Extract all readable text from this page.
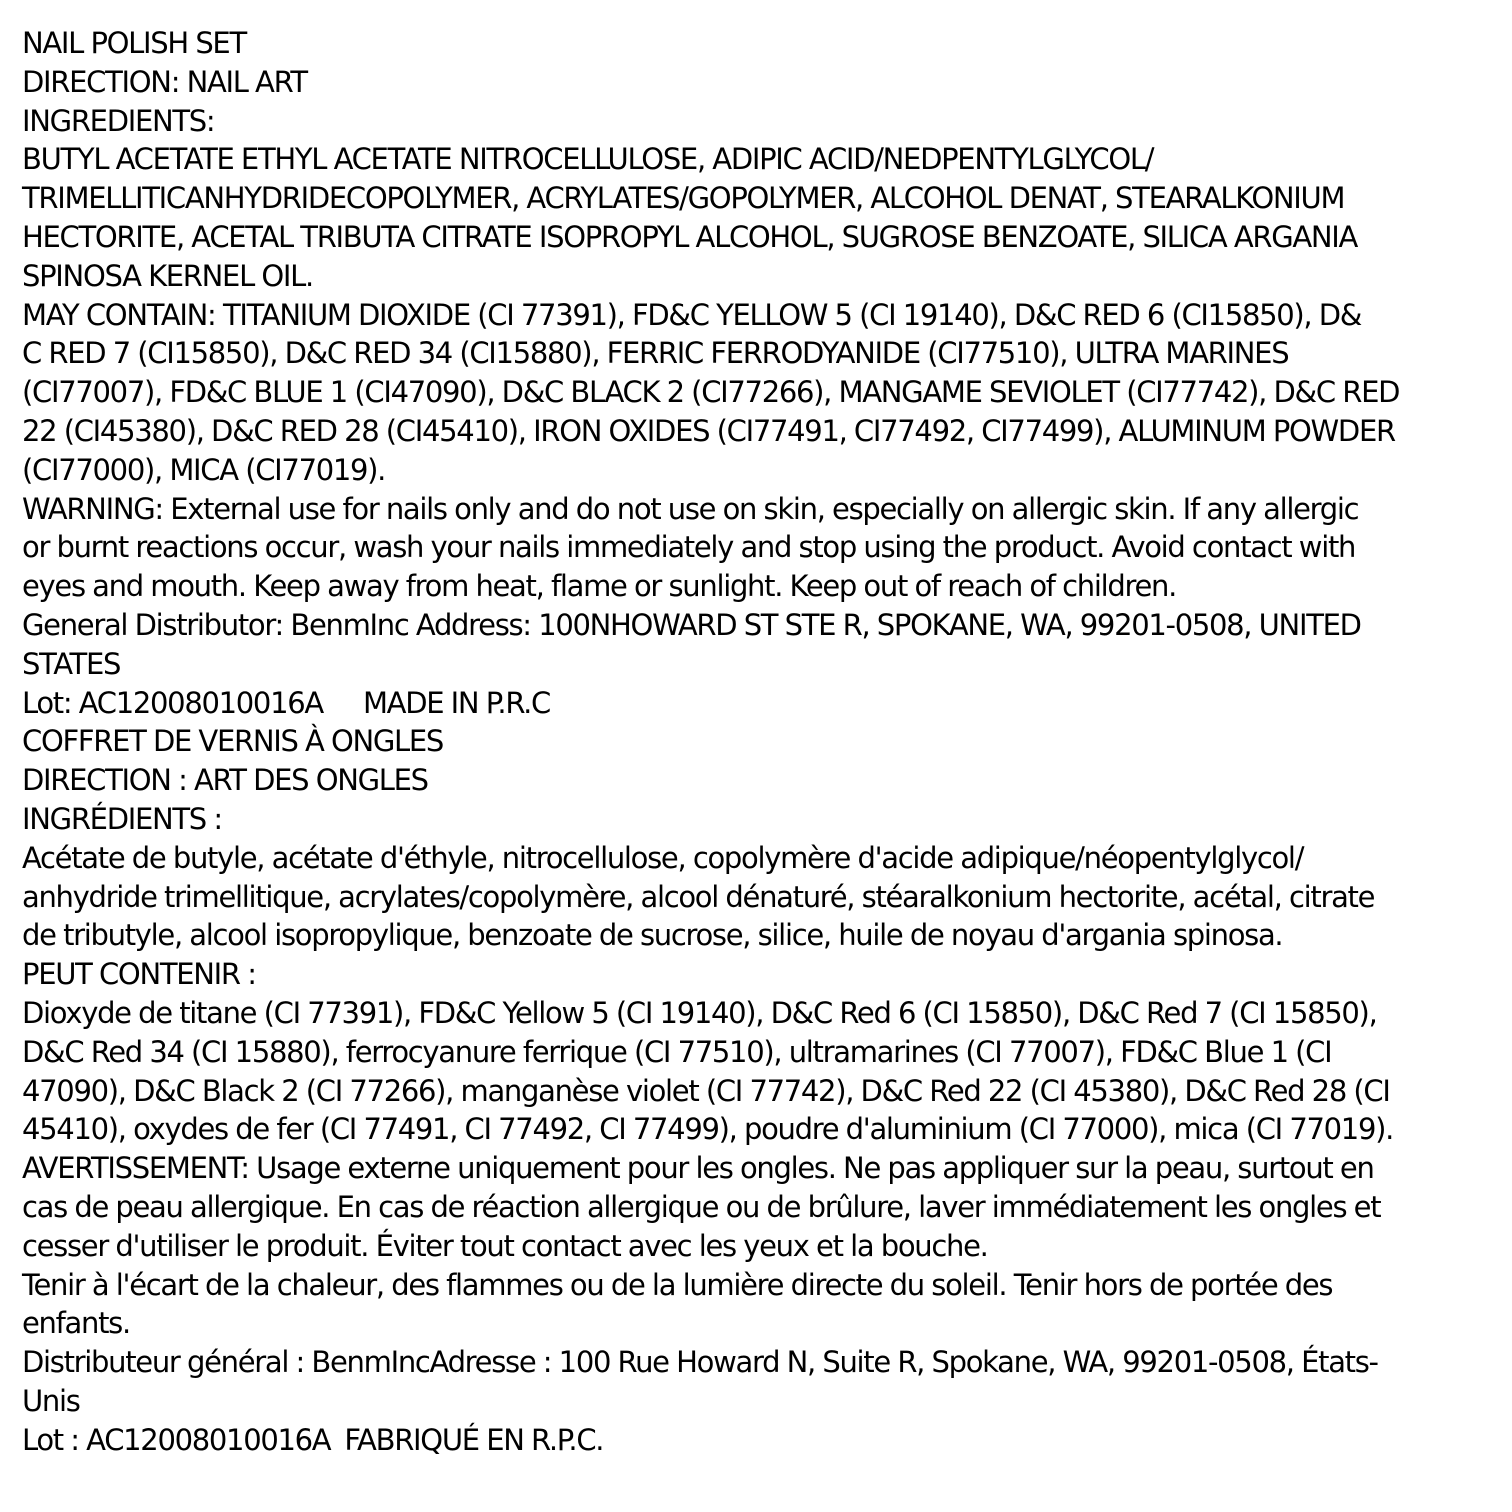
NAIL POLISH SET
DIRECTION: NAIL ART
INGREDIENTS:
BUTYL ACETATE ETHYL ACETATE NITROCELLULOSE, ADIPIC ACID/NEDPENTYLGLYCOL/
TRIMELLITICANHYDRIDECOPOLYMER, ACRYLATES/GOPOLYMER, ALCOHOL DENAT, STEARALKONIUM
HECTORITE, ACETAL TRIBUTA CITRATE ISOPROPYL ALCOHOL, SUGROSE BENZOATE, SILICA ARGANIA
SPINOSA KERNEL OIL.
MAY CONTAIN: TITANIUM DIOXIDE (CI 77391), FD&C YELLOW 5 (CI 19140), D&C RED 6 (CI15850), D&
C RED 7 (CI15850), D&C RED 34 (CI15880), FERRIC FERRODYANIDE (CI77510), ULTRA MARINES
(CI77007), FD&C BLUE 1 (CI47090), D&C BLACK 2 (CI77266), MANGAME SEVIOLET (CI77742), D&C RED
22 (CI45380), D&C RED 28 (CI45410), IRON OXIDES (CI77491, CI77492, CI77499), ALUMINUM POWDER
(CI77000), MICA (CI77019).
WARNING: External use for nails only and do not use on skin, especially on allergic skin. If any allergic
or burnt reactions occur, wash your nails immediately and stop using the product. Avoid contact with
eyes and mouth. Keep away from heat, flame or sunlight. Keep out of reach of children.
General Distributor: BenmInc Address: 100NHOWARD ST STE R, SPOKANE, WA, 99201-0508, UNITED
STATES
Lot: AC12008010016A MADE IN P.R.C
COFFRET DE VERNIS À ONGLES
DIRECTION : ART DES ONGLES
INGRÉDIENTS :
Acétate de butyle, acétate d'éthyle, nitrocellulose, copolymère d'acide adipique/néopentylglycol/
anhydride trimellitique, acrylates/copolymère, alcool dénaturé, stéaralkonium hectorite, acétal, citrate
de tributyle, alcool isopropylique, benzoate de sucrose, silice, huile de noyau d'argania spinosa.
PEUT CONTENIR :
Dioxyde de titane (CI 77391), FD&C Yellow 5 (CI 19140), D&C Red 6 (CI 15850), D&C Red 7 (CI 15850),
D&C Red 34 (CI 15880), ferrocyanure ferrique (CI 77510), ultramarines (CI 77007), FD&C Blue 1 (CI
47090), D&C Black 2 (CI 77266), manganèse violet (CI 77742), D&C Red 22 (CI 45380), D&C Red 28 (CI
45410), oxydes de fer (CI 77491, CI 77492, CI 77499), poudre d'aluminium (CI 77000), mica (CI 77019).
AVERTISSEMENT: Usage externe uniquement pour les ongles. Ne pas appliquer sur la peau, surtout en
cas de peau allergique. En cas de réaction allergique ou de brûlure, laver immédiatement les ongles et
cesser d'utiliser le produit. Éviter tout contact avec les yeux et la bouche.
Tenir à l'écart de la chaleur, des flammes ou de la lumière directe du soleil. Tenir hors de portée des
enfants.
Distributeur général : BenmIncAdresse : 100 Rue Howard N, Suite R, Spokane, WA, 99201-0508, États-
Unis
Lot : AC12008010016A FABRIQUÉ EN R.P.C.
